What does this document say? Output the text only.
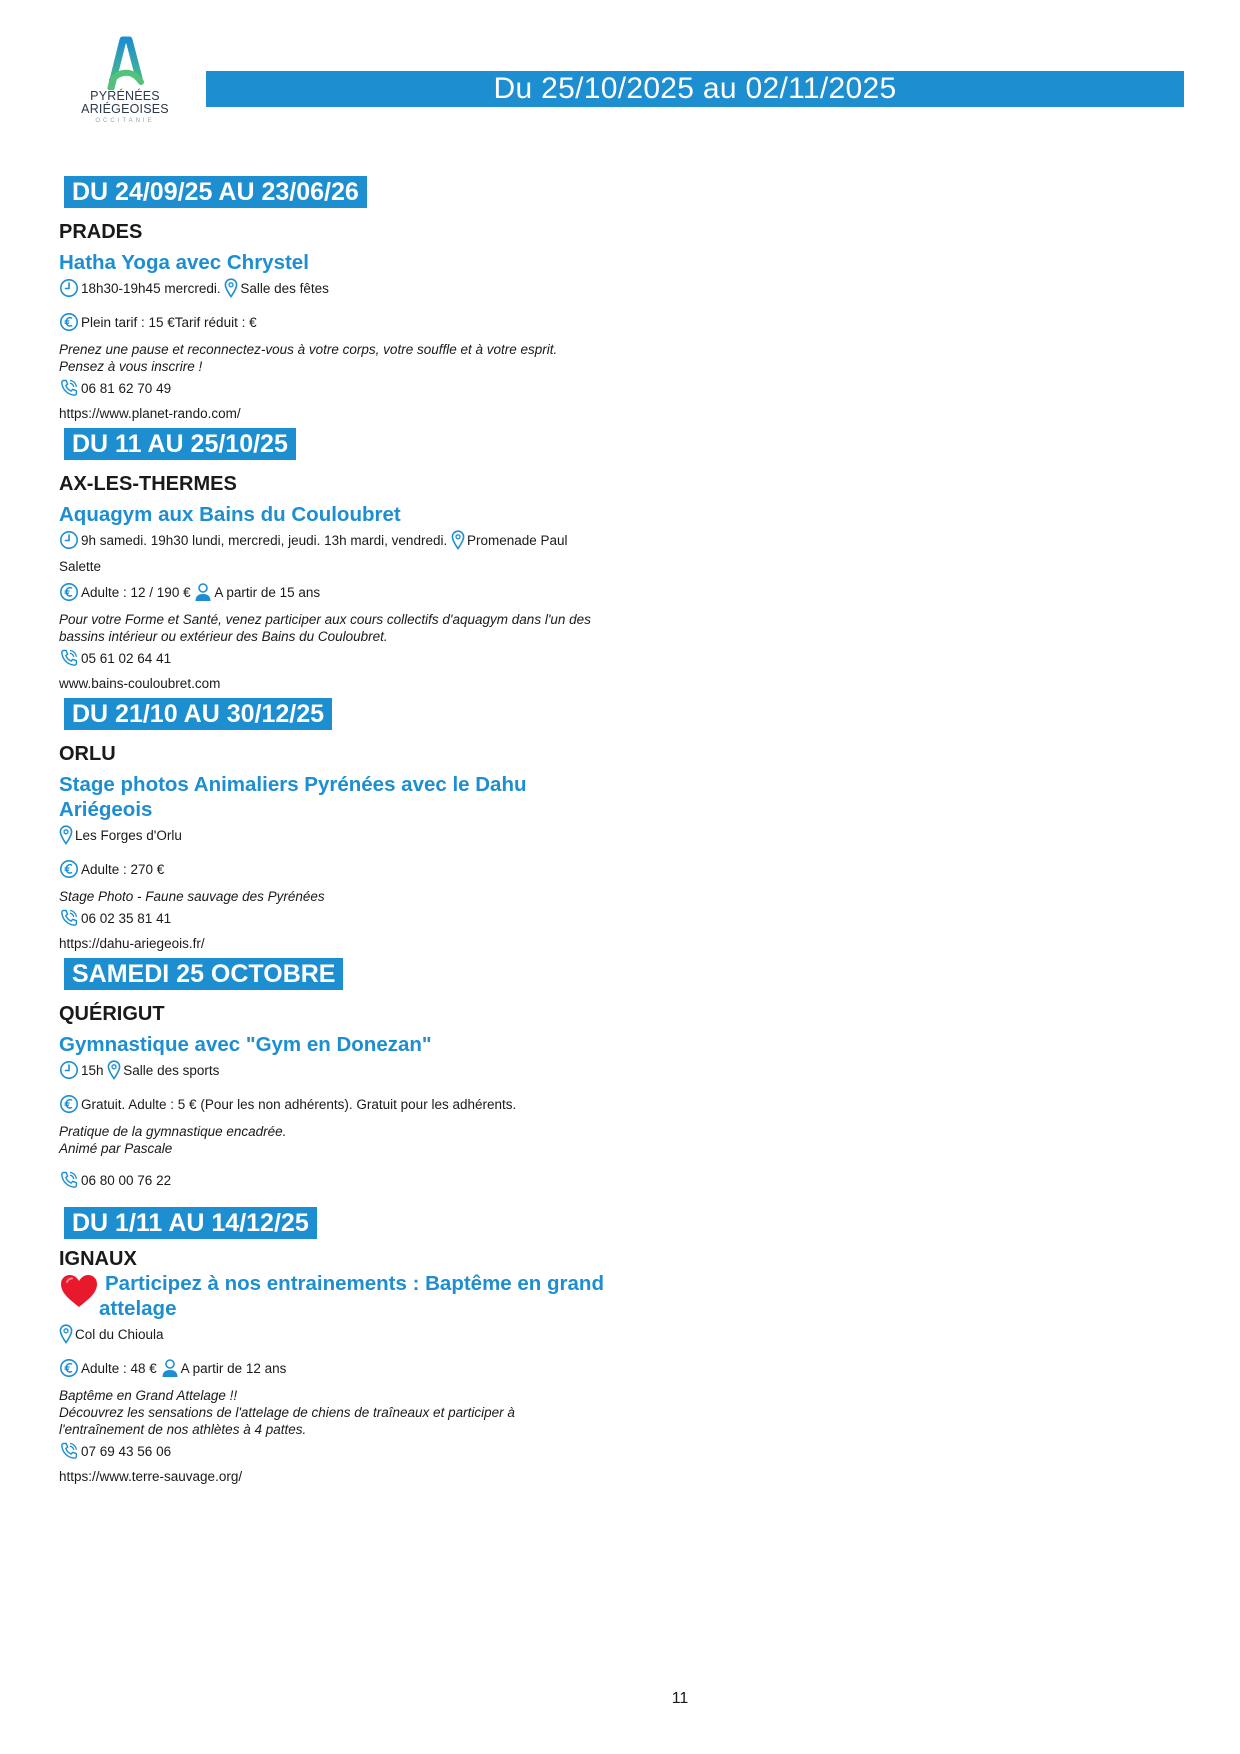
PYRÉNÉES
ARIÉGEOISES
OCCITANIE
Du 25/10/2025 au 02/11/2025
DU 24/09/25 AU 23/06/26
PRADES
Hatha Yoga avec Chrystel
18h30-19h45 mercredi. Salle des fêtes
Plein tarif : 15 €Tarif réduit : €
Prenez une pause et reconnectez-vous à votre corps, votre souffle et à votre esprit.
Pensez à vous inscrire !
06 81 62 70 49
https://www.planet-rando.com/
DU 11 AU 25/10/25
AX-LES-THERMES
Aquagym aux Bains du Couloubret
9h samedi. 19h30 lundi, mercredi, jeudi. 13h mardi, vendredi. Promenade Paul
Salette
Adulte : 12 / 190 € A partir de 15 ans
Pour votre Forme et Santé, venez participer aux cours collectifs d'aquagym dans l'un des
bassins intérieur ou extérieur des Bains du Couloubret.
05 61 02 64 41
www.bains-couloubret.com
DU 21/10 AU 30/12/25
ORLU
Stage photos Animaliers Pyrénées avec le Dahu Ariégeois
Les Forges d'Orlu
Adulte : 270 €
Stage Photo - Faune sauvage des Pyrénées
06 02 35 81 41
https://dahu-ariegeois.fr/
SAMEDI 25 OCTOBRE
QUÉRIGUT
Gymnastique avec "Gym en Donezan"
15h Salle des sports
Gratuit. Adulte : 5 € (Pour les non adhérents). Gratuit pour les adhérents.
Pratique de la gymnastique encadrée.
Animé par Pascale
06 80 00 76 22
DU 1/11 AU 14/12/25
IGNAUX
Participez à nos entrainements : Baptême en grand
attelage
Col du Chioula
Adulte : 48 € A partir de 12 ans
Baptême en Grand Attelage !!
Découvrez les sensations de l'attelage de chiens de traîneaux et participer à
l'entraînement de nos athlètes à 4 pattes.
07 69 43 56 06
https://www.terre-sauvage.org/
11
